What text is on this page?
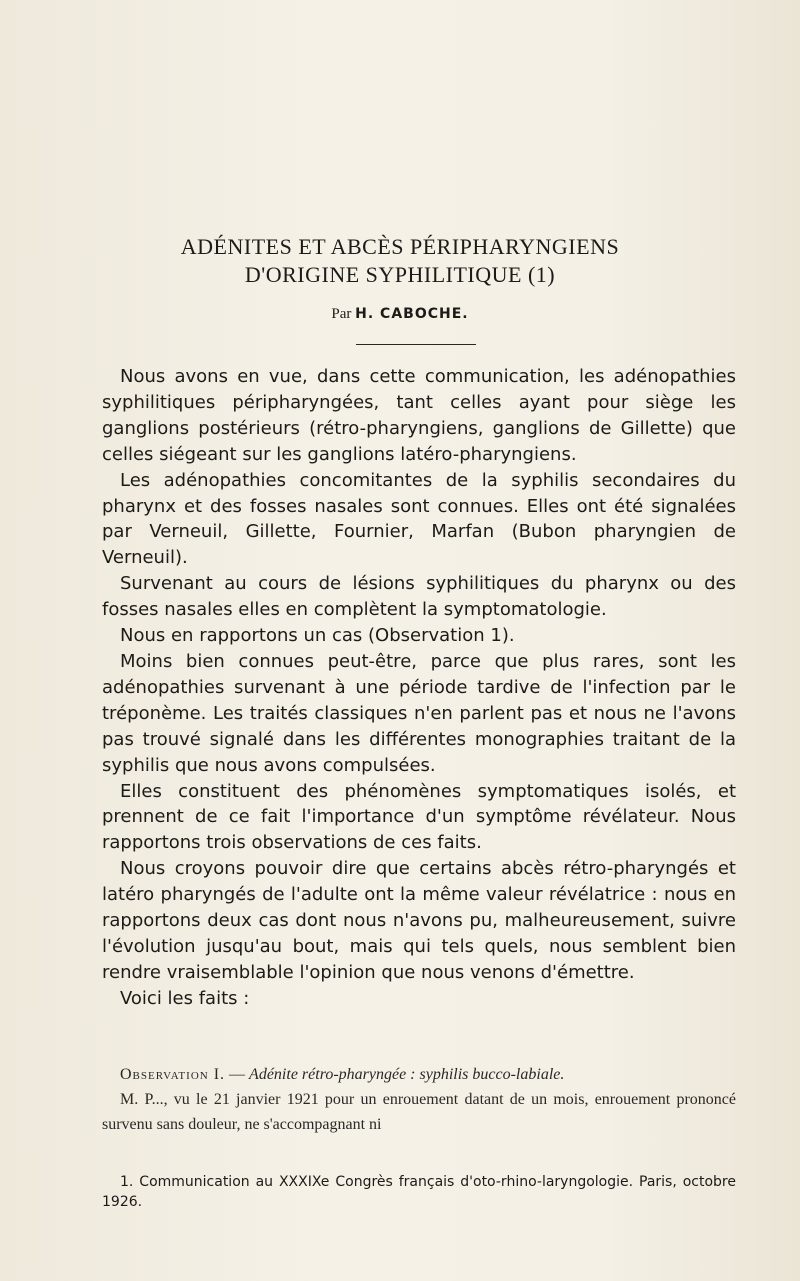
ADÉNITES ET ABCÈS PÉRIPHARYNGIENS
D'ORIGINE SYPHILITIQUE (1)
Par H. CABOCHE.

Nous avons en vue, dans cette communication, les adénopathies syphilitiques péripharyngées, tant celles ayant pour siège les ganglions postérieurs (rétro-pharyngiens, ganglions de Gillette) que celles siégeant sur les ganglions latéro-pharyngiens.

Les adénopathies concomitantes de la syphilis secondaires du pharynx et des fosses nasales sont connues. Elles ont été signalées par Verneuil, Gillette, Fournier, Marfan (Bubon pharyngien de Verneuil).

Survenant au cours de lésions syphilitiques du pharynx ou des fosses nasales elles en complètent la symptomatologie.

Nous en rapportons un cas (Observation 1).

Moins bien connues peut-être, parce que plus rares, sont les adénopathies survenant à une période tardive de l'infection par le tréponème. Les traités classiques n'en parlent pas et nous ne l'avons pas trouvé signalé dans les différentes monographies traitant de la syphilis que nous avons compulsées.

Elles constituent des phénomènes symptomatiques isolés, et prennent de ce fait l'importance d'un symptôme révélateur. Nous rapportons trois observations de ces faits.

Nous croyons pouvoir dire que certains abcès rétro-pharyngés et latéro pharyngés de l'adulte ont la même valeur révélatrice : nous en rapportons deux cas dont nous n'avons pu, malheureusement, suivre l'évolution jusqu'au bout, mais qui tels quels, nous semblent bien rendre vraisemblable l'opinion que nous venons d'émettre.

Voici les faits :

Observation I. — Adénite rétro-pharyngée : syphilis bucco-labiale.

M. P..., vu le 21 janvier 1921 pour un enrouement datant de un mois, enrouement prononcé survenu sans douleur, ne s'accompagnant ni

1. Communication au XXXIXe Congrès français d'oto-rhino-laryngologie. Paris, octobre 1926.
